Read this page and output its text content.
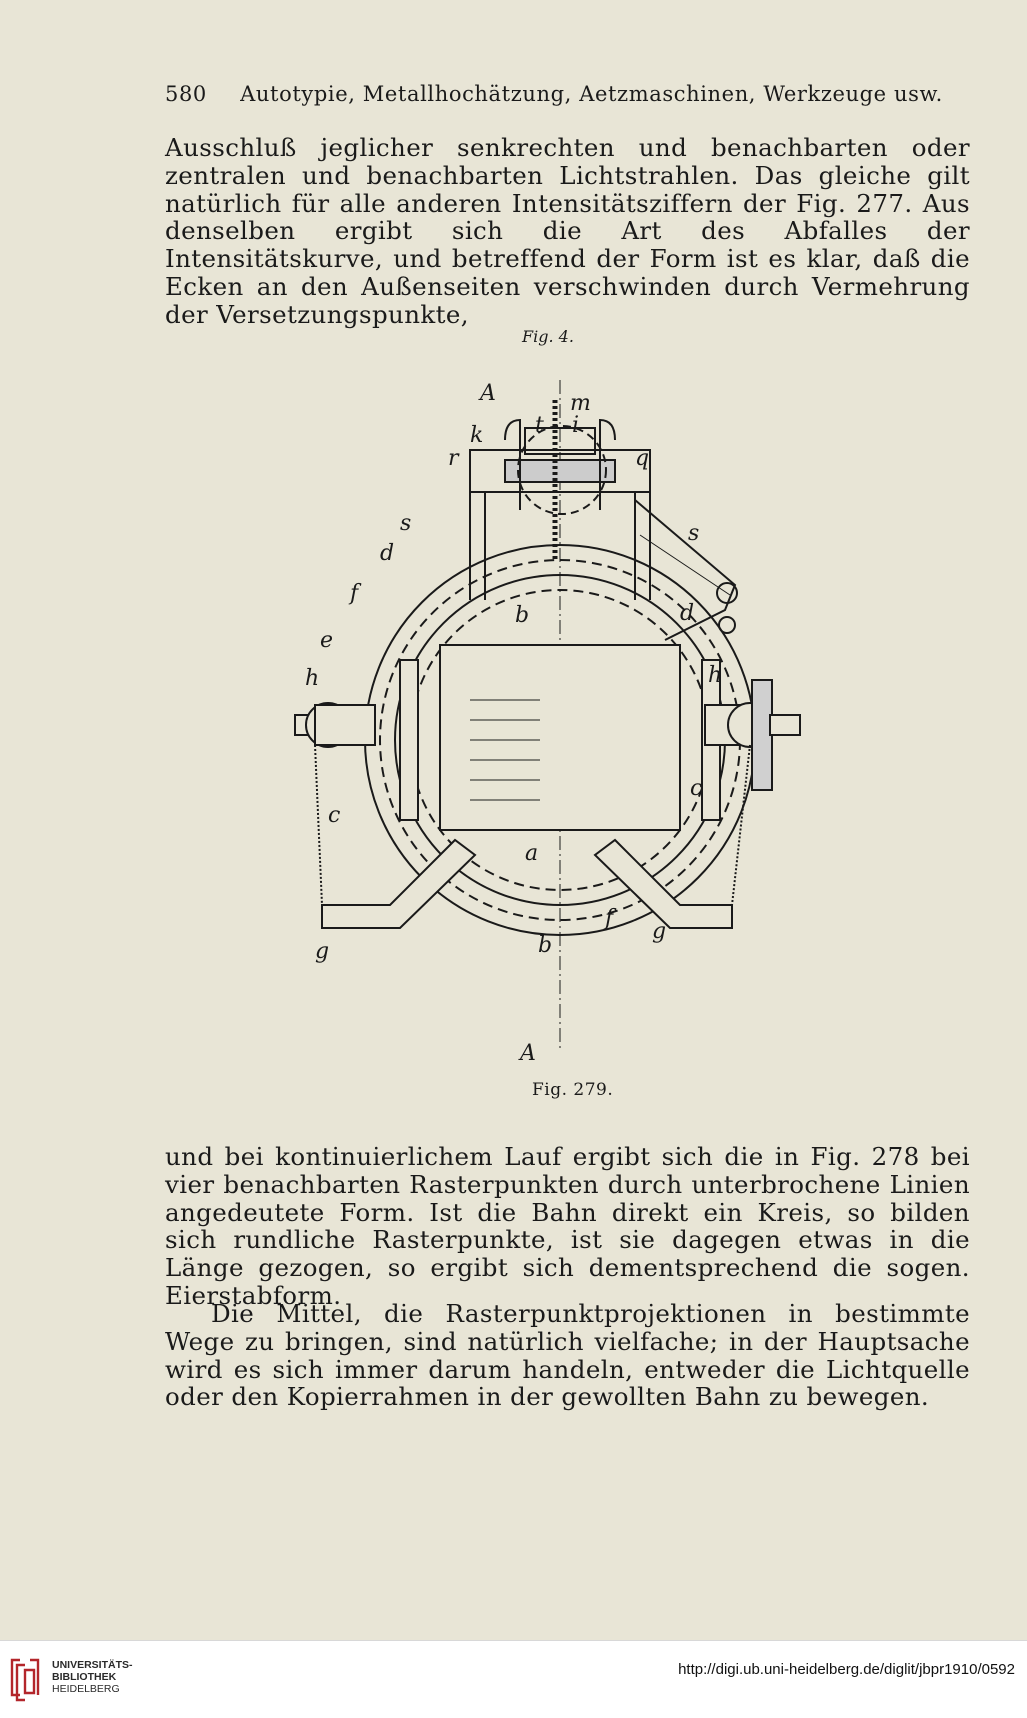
580 Autotypie, Metallhochätzung, Aetzmaschinen, Werkzeuge usw.

Ausschluß jeglicher senkrechten und benachbarten oder zentralen und benachbarten Lichtstrahlen. Das gleiche gilt natürlich für alle anderen Intensitätsziffern der Fig. 277. Aus denselben ergibt sich die Art des Abfalles der Intensitätskurve, und betreffend der Form ist es klar, daß die Ecken an den Außenseiten verschwinden durch Vermehrung der Versetzungspunkte,

Fig. 4.
A	m
t i
k
r	q
s	s
d
d
f
e
h	h
b
c
c
a
f
b
g
g
A
Fig. 279.

und bei kontinuierlichem Lauf ergibt sich die in Fig. 278 bei vier benachbarten Rasterpunkten durch unterbrochene Linien angedeutete Form. Ist die Bahn direkt ein Kreis, so bilden sich rundliche Rasterpunkte, ist sie dagegen etwas in die Länge gezogen, so ergibt sich dementsprechend die sogen. Eierstabform.

Die Mittel, die Rasterpunktprojektionen in bestimmte Wege zu bringen, sind natürlich vielfache; in der Hauptsache wird es sich immer darum handeln, entweder die Lichtquelle oder den Kopierrahmen in der gewollten Bahn zu bewegen.

UNIVERSITÄTS-
BIBLIOTHEK
HEIDELBERG
http://digi.ub.uni-heidelberg.de/diglit/jbpr1910/0592
